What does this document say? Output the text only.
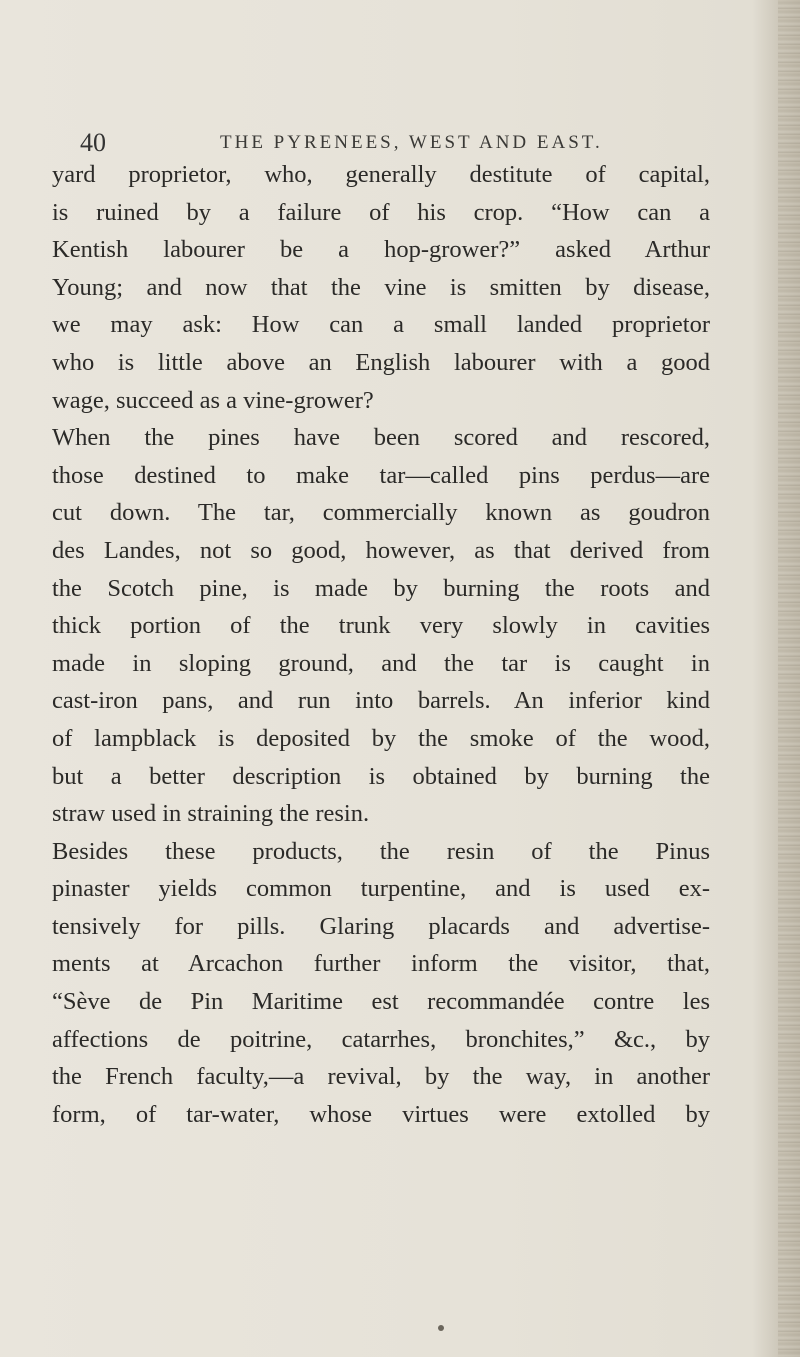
40	THE PYRENEES, WEST AND EAST.
yard proprietor, who, generally destitute of capital,
is ruined by a failure of his crop. “How can a
Kentish labourer be a hop-grower?” asked Arthur
Young; and now that the vine is smitten by disease,
we may ask: How can a small landed proprietor
who is little above an English labourer with a good
wage, succeed as a vine-grower?
When the pines have been scored and rescored,
those destined to make tar—called pins perdus—are
cut down. The tar, commercially known as goudron
des Landes, not so good, however, as that derived from
the Scotch pine, is made by burning the roots and
thick portion of the trunk very slowly in cavities
made in sloping ground, and the tar is caught in
cast-iron pans, and run into barrels. An inferior kind
of lampblack is deposited by the smoke of the wood,
but a better description is obtained by burning the
straw used in straining the resin.
Besides these products, the resin of the Pinus
pinaster yields common turpentine, and is used ex-
tensively for pills. Glaring placards and advertise-
ments at Arcachon further inform the visitor, that,
“Sève de Pin Maritime est recommandée contre les
affections de poitrine, catarrhes, bronchites,” &c., by
the French faculty,—a revival, by the way, in another
form, of tar-water, whose virtues were extolled by
